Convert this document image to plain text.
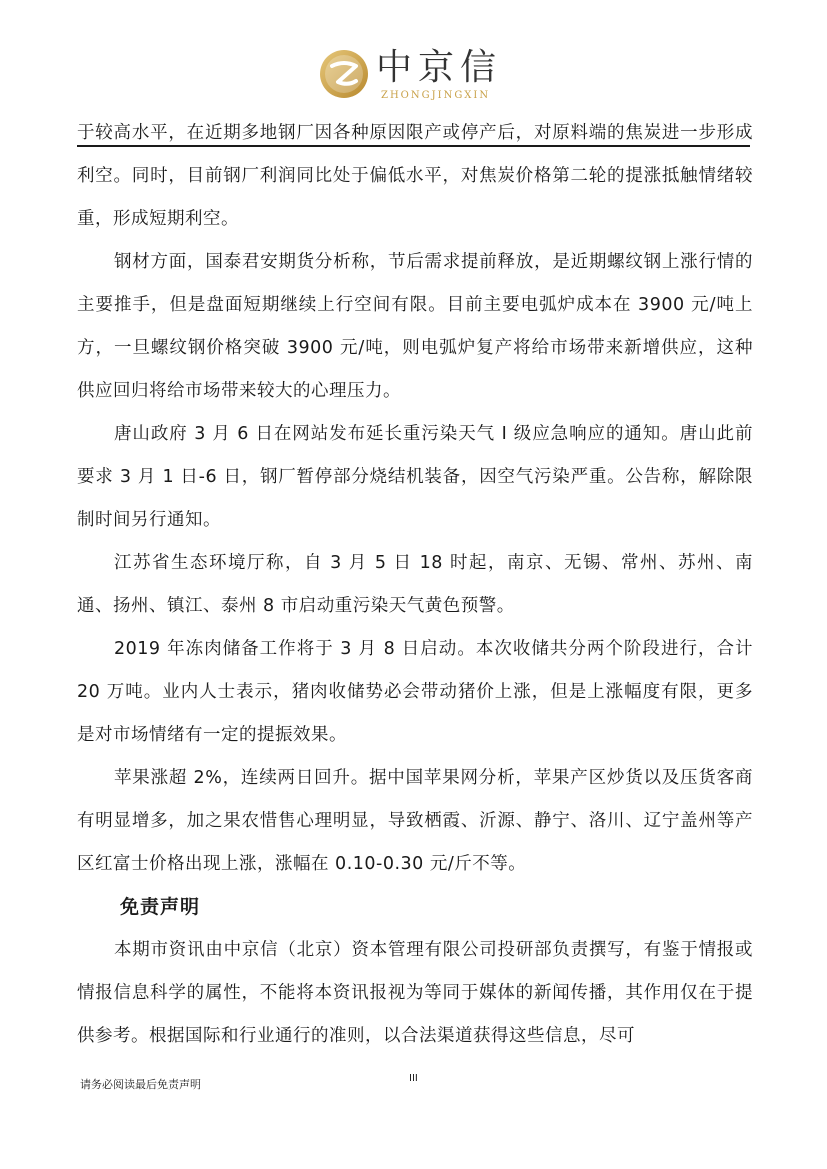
中京信
ZHONGJINGXIN

于较高水平，在近期多地钢厂因各种原因限产或停产后，对原料端的焦炭进一步形成利空。同时，目前钢厂利润同比处于偏低水平，对焦炭价格第二轮的提涨抵触情绪较重，形成短期利空。

钢材方面，国泰君安期货分析称，节后需求提前释放，是近期螺纹钢上涨行情的主要推手，但是盘面短期继续上行空间有限。目前主要电弧炉成本在 3900 元/吨上方，一旦螺纹钢价格突破 3900 元/吨，则电弧炉复产将给市场带来新增供应，这种供应回归将给市场带来较大的心理压力。

唐山政府 3 月 6 日在网站发布延长重污染天气 I 级应急响应的通知。唐山此前要求 3 月 1 日-6 日，钢厂暂停部分烧结机装备，因空气污染严重。公告称，解除限制时间另行通知。

江苏省生态环境厅称，自 3 月 5 日 18 时起，南京、无锡、常州、苏州、南通、扬州、镇江、泰州 8 市启动重污染天气黄色预警。

2019 年冻肉储备工作将于 3 月 8 日启动。本次收储共分两个阶段进行，合计 20 万吨。业内人士表示，猪肉收储势必会带动猪价上涨，但是上涨幅度有限，更多是对市场情绪有一定的提振效果。

苹果涨超 2%，连续两日回升。据中国苹果网分析，苹果产区炒货以及压货客商有明显增多，加之果农惜售心理明显，导致栖霞、沂源、静宁、洛川、辽宁盖州等产区红富士价格出现上涨，涨幅在 0.10-0.30 元/斤不等。

免责声明

本期市资讯由中京信（北京）资本管理有限公司投研部负责撰写，有鉴于情报或情报信息科学的属性，不能将本资讯报视为等同于媒体的新闻传播，其作用仅在于提供参考。根据国际和行业通行的准则，以合法渠道获得这些信息，尽可

请务必阅读最后免责声明	III
